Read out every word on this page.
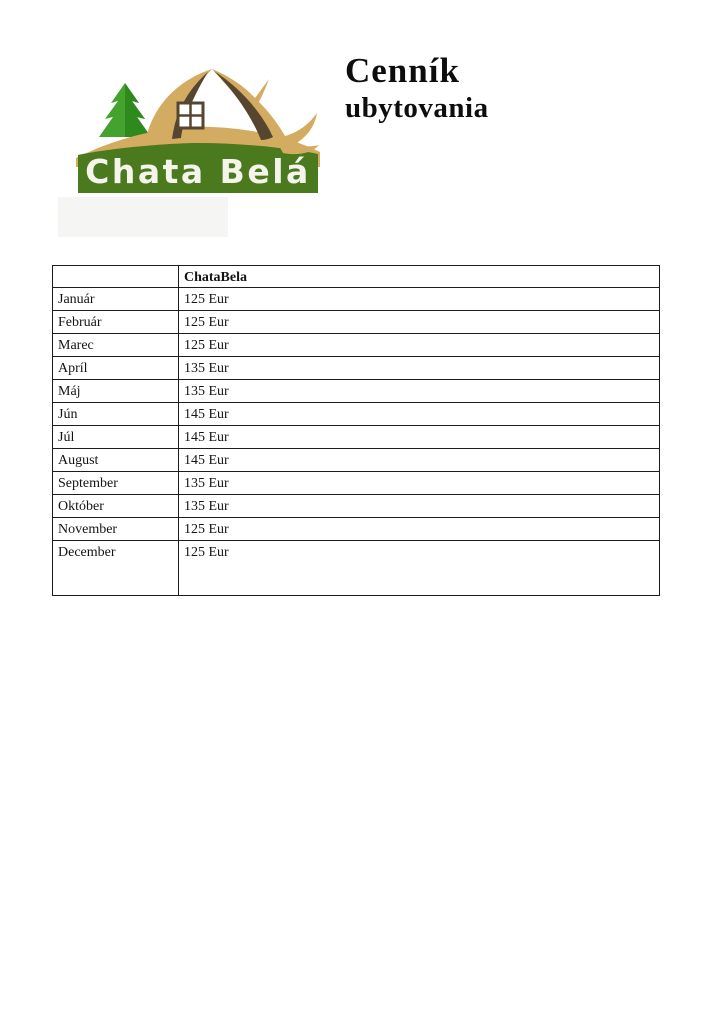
Chata Belá
Cenník
ubytovania
	ChataBela
Január	125 Eur
Február	125 Eur
Marec	125 Eur
Apríl	135 Eur
Máj	135 Eur
Jún	145 Eur
Júl	145 Eur
August	145 Eur
September	135 Eur
Október	135 Eur
November	125 Eur
December	125 Eur
